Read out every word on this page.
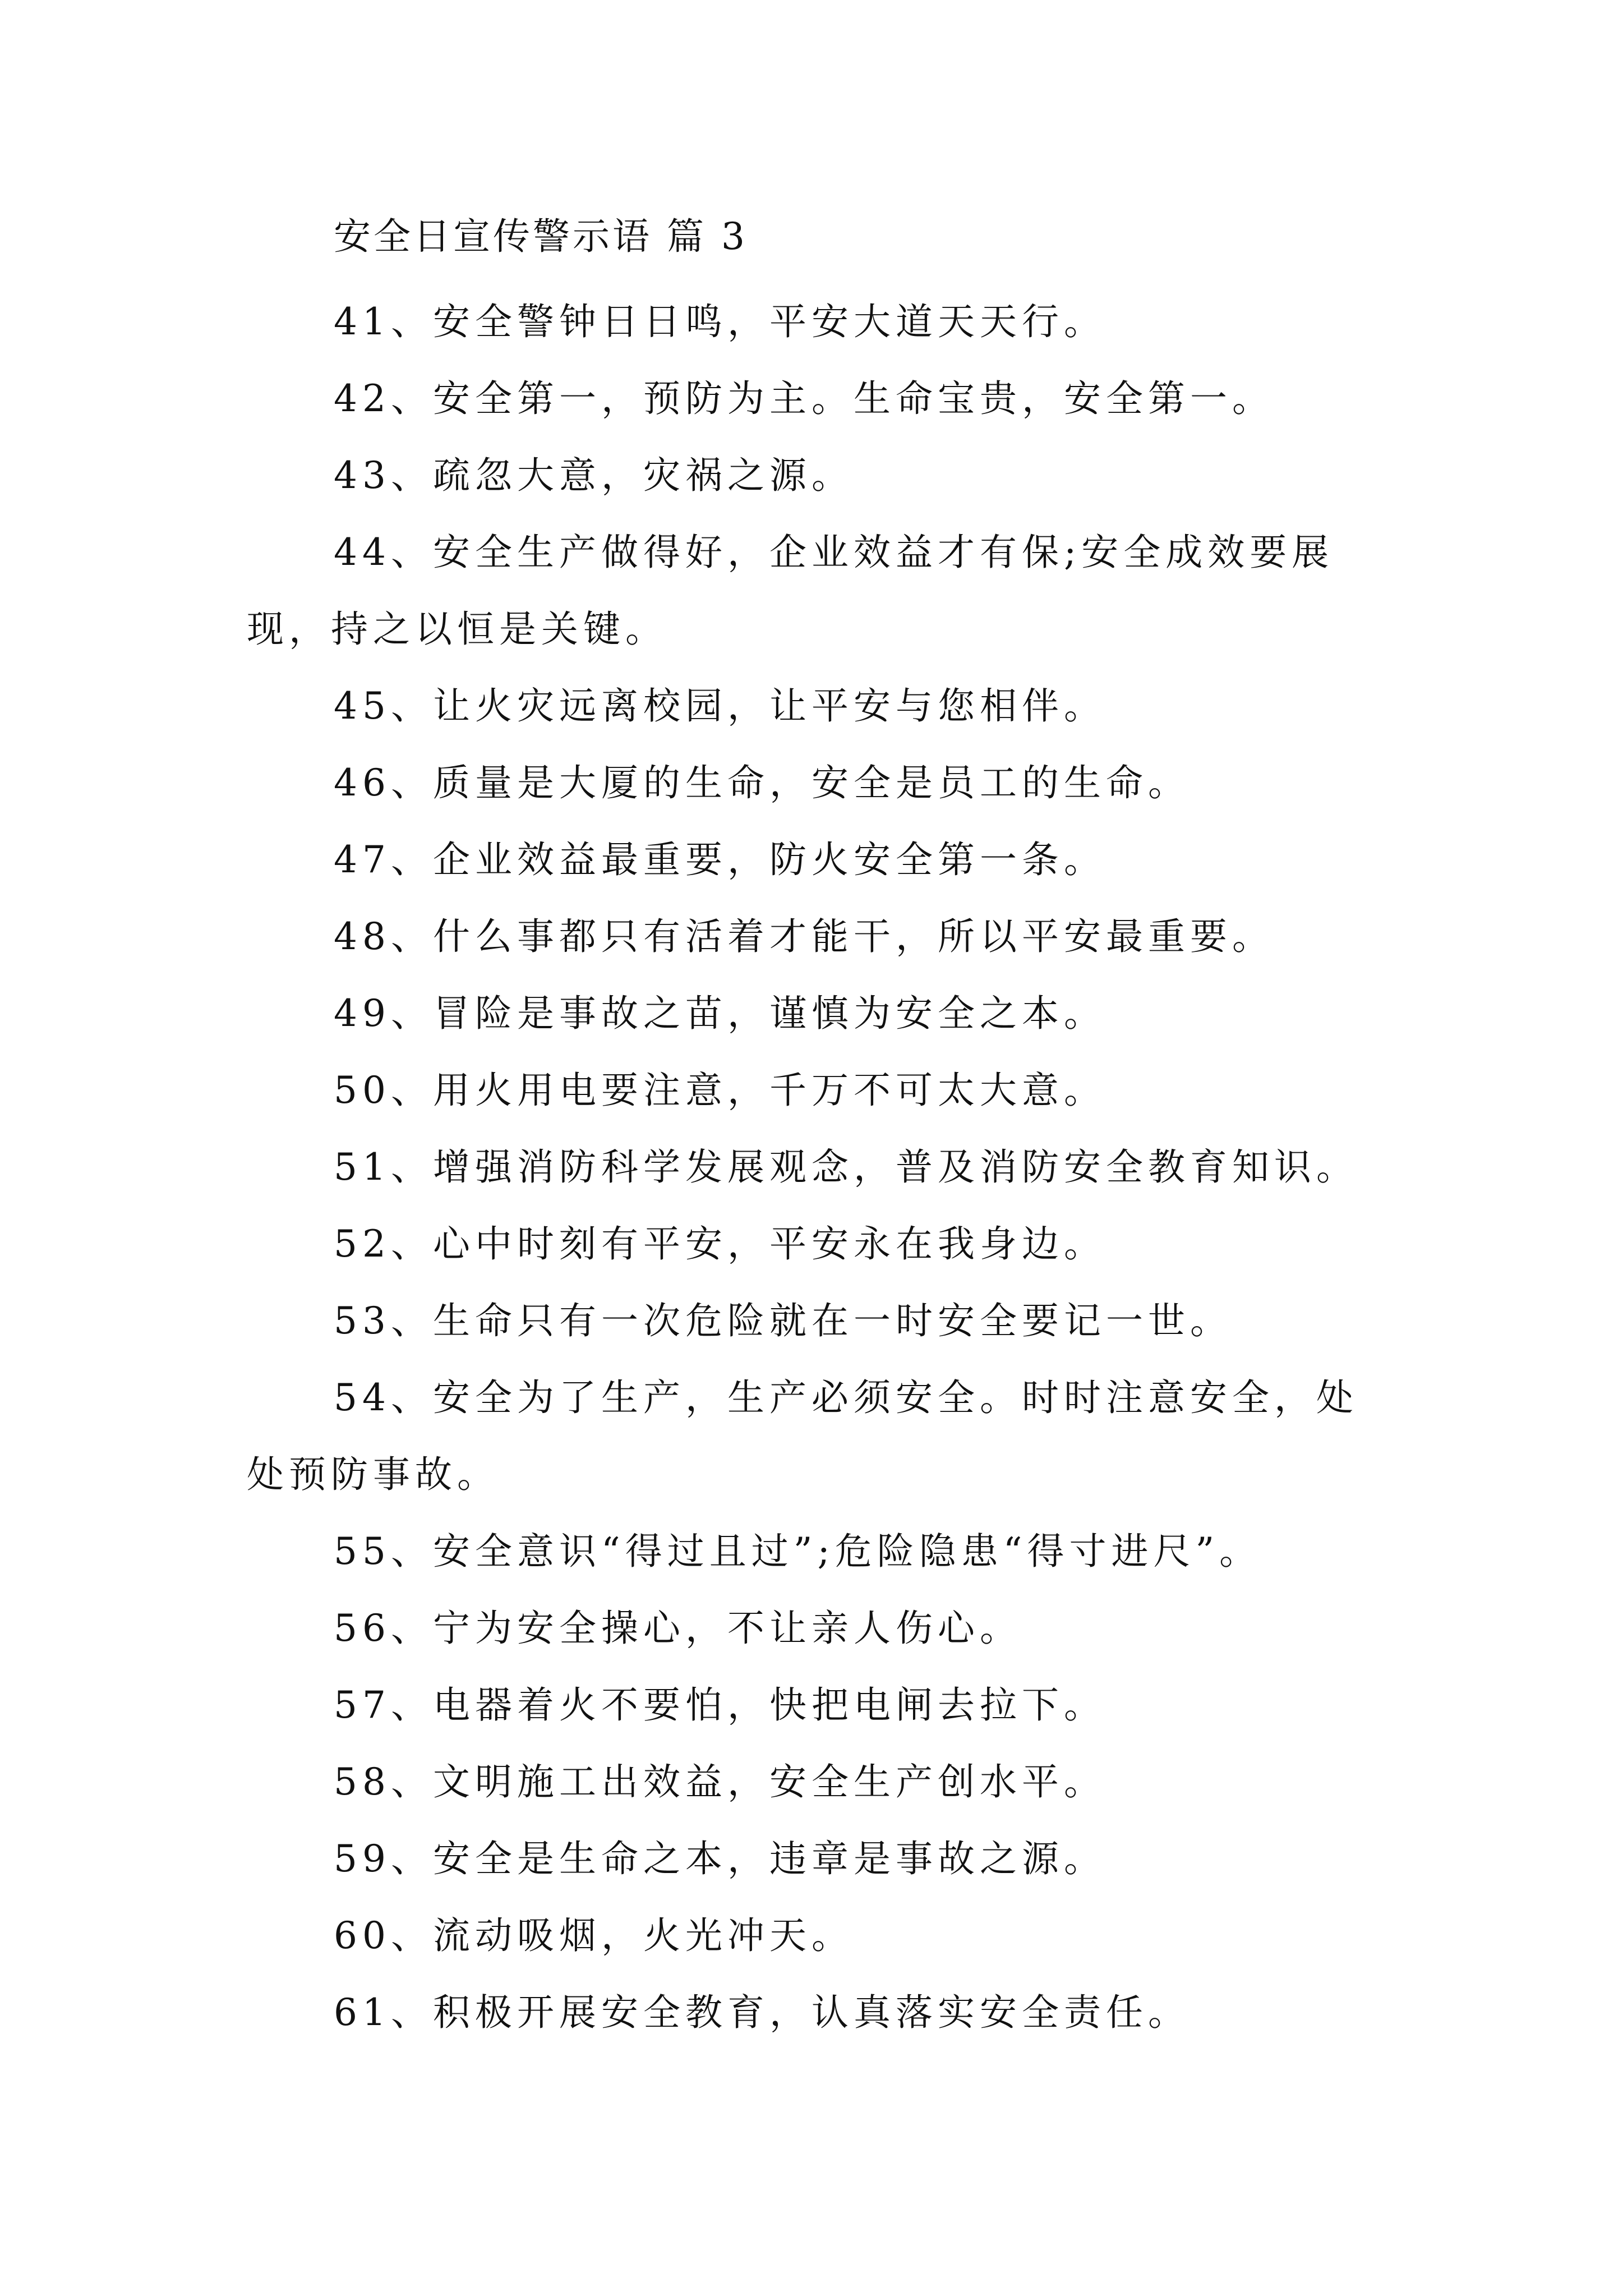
安全日宣传警示语 篇 3

41、安全警钟日日鸣，平安大道天天行。

42、安全第一，预防为主。生命宝贵，安全第一。

43、疏忽大意，灾祸之源。

44、安全生产做得好，企业效益才有保;安全成效要展现，持之以恒是关键。

45、让火灾远离校园，让平安与您相伴。

46、质量是大厦的生命，安全是员工的生命。

47、企业效益最重要，防火安全第一条。

48、什么事都只有活着才能干，所以平安最重要。

49、冒险是事故之苗，谨慎为安全之本。

50、用火用电要注意，千万不可太大意。

51、增强消防科学发展观念，普及消防安全教育知识。

52、心中时刻有平安，平安永在我身边。

53、生命只有一次危险就在一时安全要记一世。

54、安全为了生产，生产必须安全。时时注意安全，处处预防事故。

55、安全意识“得过且过”;危险隐患“得寸进尺”。

56、宁为安全操心，不让亲人伤心。

57、电器着火不要怕，快把电闸去拉下。

58、文明施工出效益，安全生产创水平。

59、安全是生命之本，违章是事故之源。

60、流动吸烟，火光冲天。

61、积极开展安全教育，认真落实安全责任。
